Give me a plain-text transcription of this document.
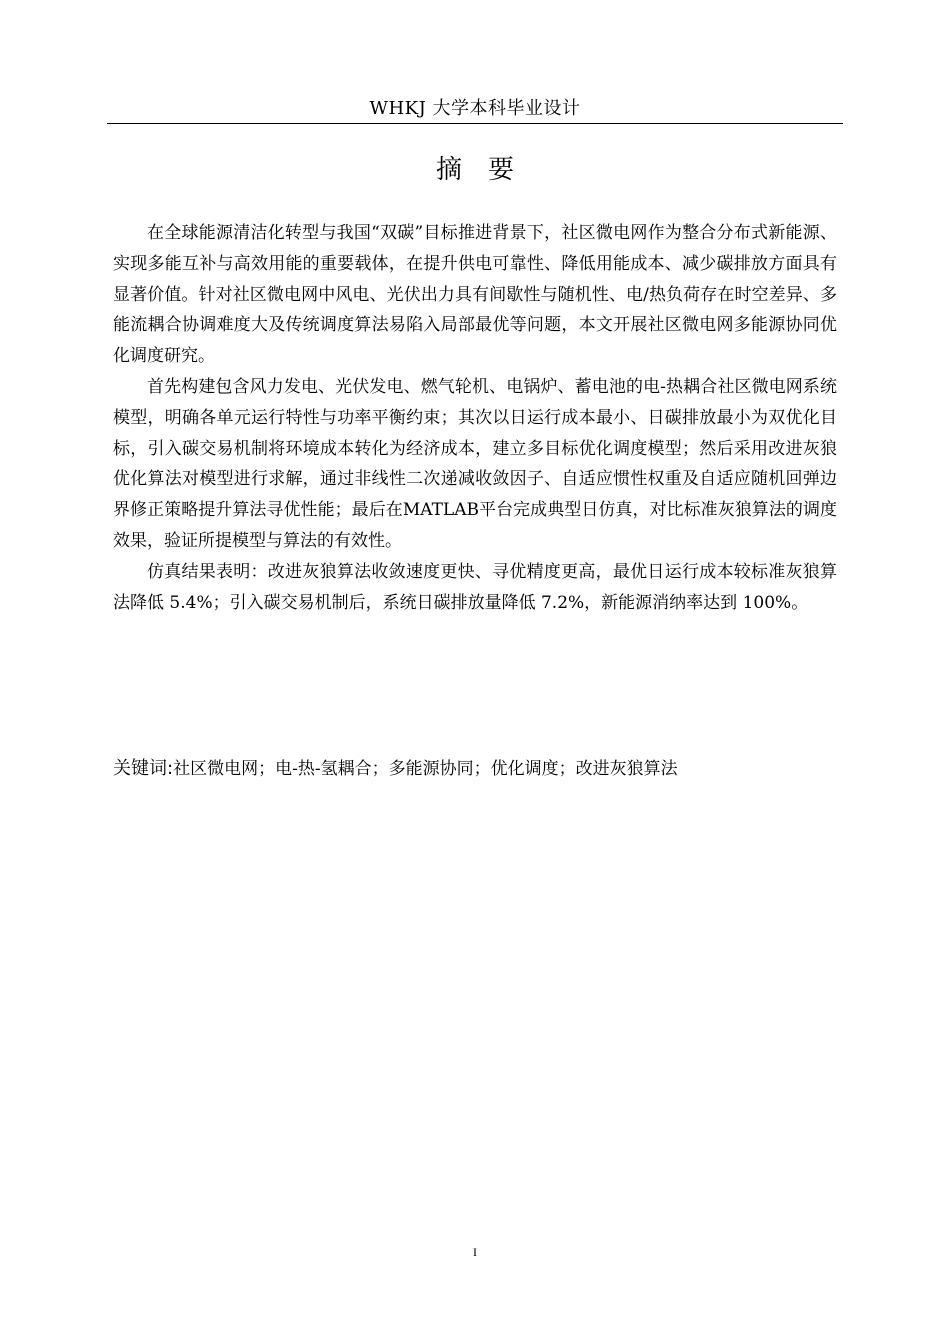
WHKJ 大学本科毕业设计
摘要

在全球能源清洁化转型与我国“双碳”目标推进背景下，社区微电网作为整合分布式新能源、实现多能互补与高效用能的重要载体，在提升供电可靠性、降低用能成本、减少碳排放方面具有显著价值。针对社区微电网中风电、光伏出力具有间歇性与随机性、电/热负荷存在时空差异、多能流耦合协调难度大及传统调度算法易陷入局部最优等问题，本文开展社区微电网多能源协同优化调度研究。

首先构建包含风力发电、光伏发电、燃气轮机、电锅炉、蓄电池的电-热耦合社区微电网系统模型，明确各单元运行特性与功率平衡约束；其次以日运行成本最小、日碳排放最小为双优化目标，引入碳交易机制将环境成本转化为经济成本，建立多目标优化调度模型；然后采用改进灰狼优化算法对模型进行求解，通过非线性二次递减收敛因子、自适应惯性权重及自适应随机回弹边界修正策略提升算法寻优性能；最后在MATLAB平台完成典型日仿真，对比标准灰狼算法的调度效果，验证所提模型与算法的有效性。

仿真结果表明：改进灰狼算法收敛速度更快、寻优精度更高，最优日运行成本较标准灰狼算法降低 5.4%；引入碳交易机制后，系统日碳排放量降低 7.2%，新能源消纳率达到 100%。

关键词:社区微电网；电-热-氢耦合；多能源协同；优化调度；改进灰狼算法
I
